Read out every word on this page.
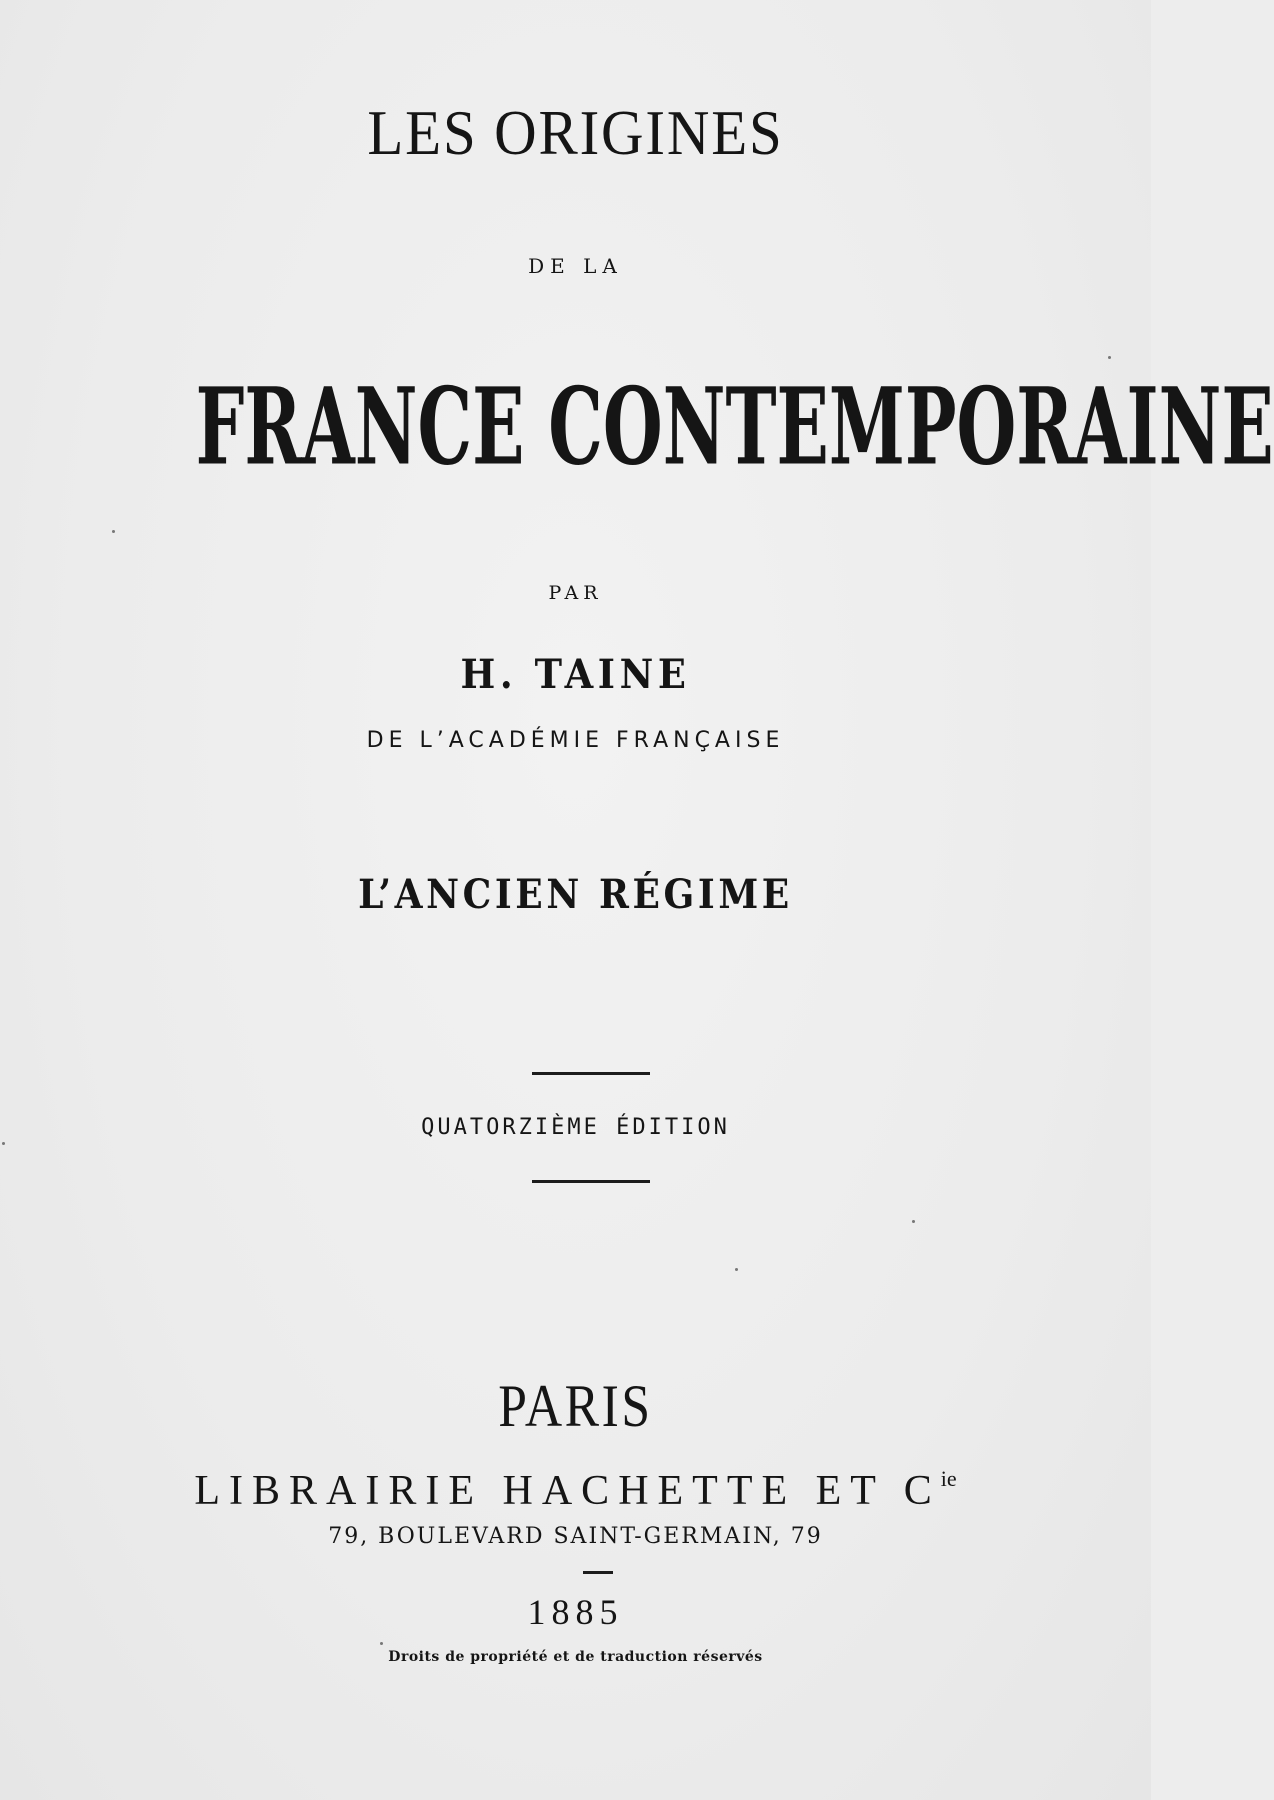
LES ORIGINES
DE LA
FRANCE CONTEMPORAINE
PAR
H. TAINE
DE L’ACADÉMIE FRANÇAISE
L’ANCIEN RÉGIME
QUATORZIÈME ÉDITION
PARIS
LIBRAIRIE HACHETTE ET $C^{ie}$
79, BOULEVARD SAINT-GERMAIN, 79
1885
Droits de propriété et de traduction réservés
